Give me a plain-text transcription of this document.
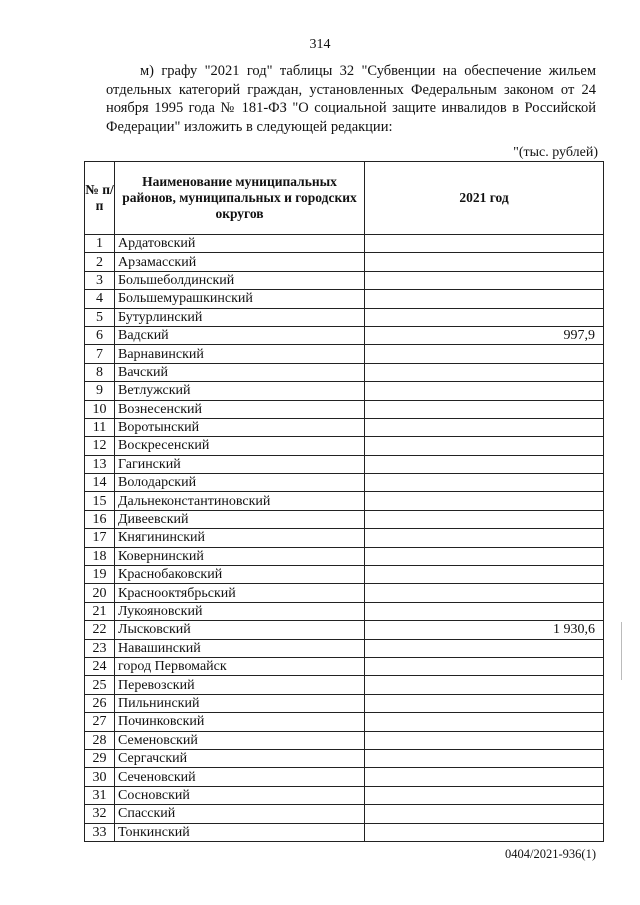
314
м) графу "2021 год" таблицы 32 "Субвенции на обеспечение жильем отдельных категорий граждан, установленных Федеральным законом от 24 ноября 1995 года № 181-ФЗ "О социальной защите инвалидов в Российской Федерации" изложить в следующей редакции:
"(тыс. рублей)
№ п/п	Наименование муниципальных районов, муниципальных и городских округов	2021 год
1	Ардатовский	
2	Арзамасский	
3	Большеболдинский	
4	Большемурашкинский	
5	Бутурлинский	
6	Вадский	997,9
7	Варнавинский	
8	Вачский	
9	Ветлужский	
10	Вознесенский	
11	Воротынский	
12	Воскресенский	
13	Гагинский	
14	Володарский	
15	Дальнеконстантиновский	
16	Дивеевский	
17	Княгининский	
18	Ковернинский	
19	Краснобаковский	
20	Краснооктябрьский	
21	Лукояновский	
22	Лысковский	1 930,6
23	Навашинский	
24	город Первомайск	
25	Перевозский	
26	Пильнинский	
27	Починковский	
28	Семеновский	
29	Сергачский	
30	Сеченовский	
31	Сосновский	
32	Спасский	
33	Тонкинский	
0404/2021-936(1)
